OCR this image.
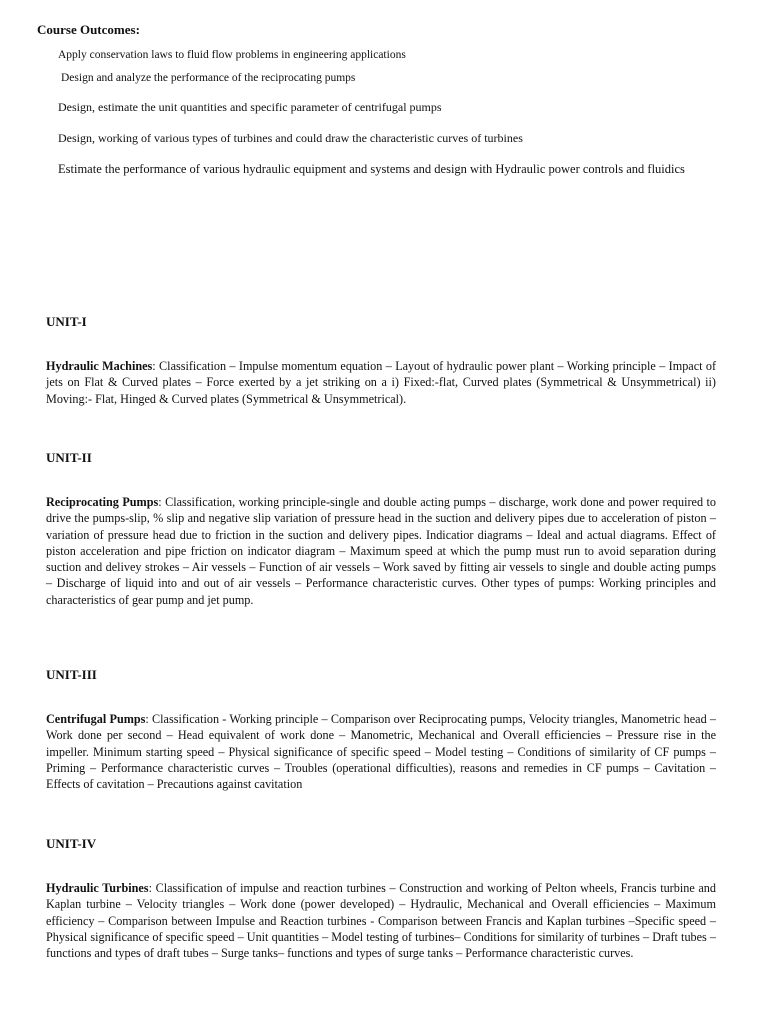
Course Outcomes:

Apply conservation laws to fluid flow problems in engineering applications

Design and analyze the performance of the reciprocating pumps

Design, estimate the unit quantities and specific parameter of centrifugal pumps

Design, working of various types of turbines and could draw the characteristic curves of turbines

Estimate the performance of various hydraulic equipment and systems and design with Hydraulic power controls and fluidics

UNIT-I

Hydraulic Machines: Classification – Impulse momentum equation – Layout of hydraulic power plant – Working principle – Impact of jets on Flat & Curved plates – Force exerted by a jet striking on a i) Fixed:-flat, Curved plates (Symmetrical & Unsymmetrical) ii) Moving:- Flat, Hinged & Curved plates (Symmetrical & Unsymmetrical).

UNIT-II

Reciprocating Pumps: Classification, working principle-single and double acting pumps – discharge, work done and power required to drive the pumps-slip, % slip and negative slip variation of pressure head in the suction and delivery pipes due to acceleration of piston – variation of pressure head due to friction in the suction and delivery pipes. Indicatior diagrams – Ideal and actual diagrams. Effect of piston acceleration and pipe friction on indicator diagram – Maximum speed at which the pump must run to avoid separation during suction and delivey strokes – Air vessels – Function of air vessels – Work saved by fitting air vessels to single and double acting pumps – Discharge of liquid into and out of air vessels – Performance characteristic curves. Other types of pumps: Working principles and characteristics of gear pump and jet pump.

UNIT-III

Centrifugal Pumps: Classification - Working principle – Comparison over Reciprocating pumps, Velocity triangles, Manometric head – Work done per second – Head equivalent of work done – Manometric, Mechanical and Overall efficiencies – Pressure rise in the impeller. Minimum starting speed – Physical significance of specific speed – Model testing – Conditions of similarity of CF pumps – Priming – Performance characteristic curves – Troubles (operational difficulties), reasons and remedies in CF pumps – Cavitation – Effects of cavitation – Precautions against cavitation

UNIT-IV

Hydraulic Turbines: Classification of impulse and reaction turbines – Construction and working of Pelton wheels, Francis turbine and Kaplan turbine – Velocity triangles – Work done (power developed) – Hydraulic, Mechanical and Overall efficiencies – Maximum efficiency – Comparison between Impulse and Reaction turbines - Comparison between Francis and Kaplan turbines –Specific speed – Physical significance of specific speed – Unit quantities – Model testing of turbines– Conditions for similarity of turbines – Draft tubes – functions and types of draft tubes – Surge tanks– functions and types of surge tanks – Performance characteristic curves.
